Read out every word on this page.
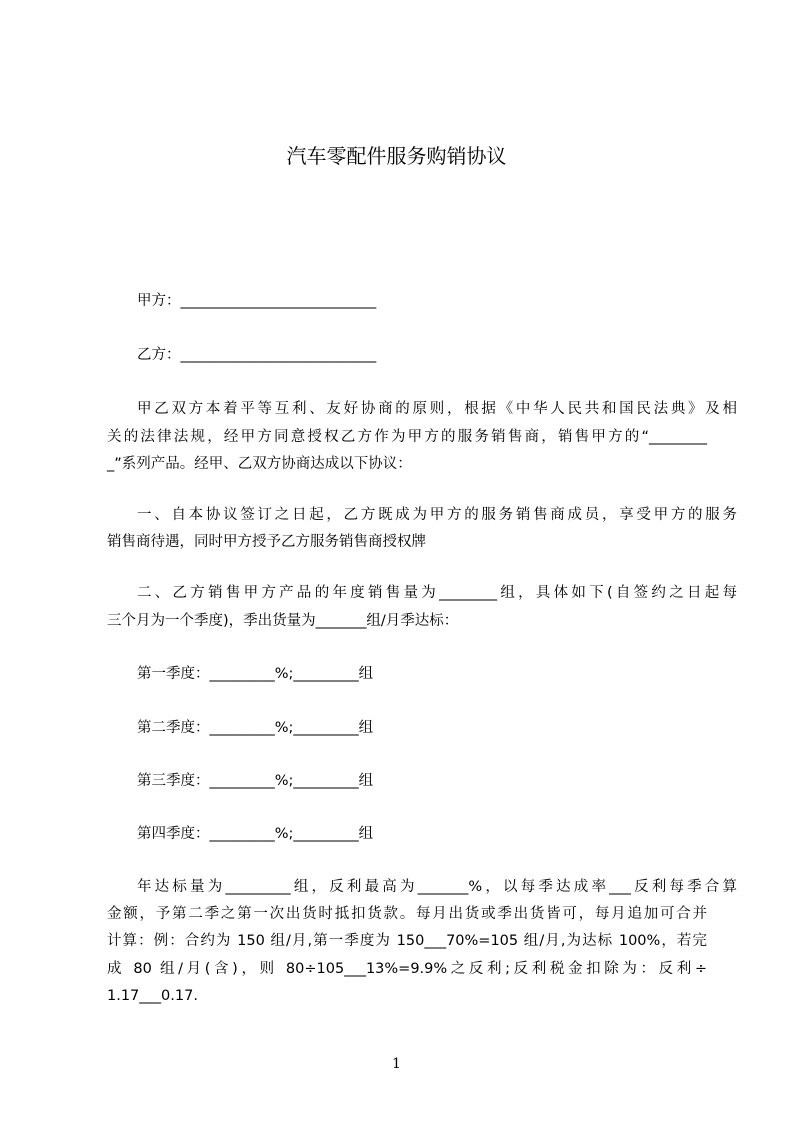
汽车零配件服务购销协议
甲方：___________________________
乙方：___________________________
甲乙双方本着平等互利、友好协商的原则，根据《中华人民共和国民法典》及相
关的法律法规，经甲方同意授权乙方作为甲方的服务销售商，销售甲方的“________
_”系列产品。经甲、乙双方协商达成以下协议：
一、自本协议签订之日起，乙方既成为甲方的服务销售商成员，享受甲方的服务
销售商待遇，同时甲方授予乙方服务销售商授权牌
二、乙方销售甲方产品的年度销售量为________组，具体如下(自签约之日起每
三个月为一个季度)，季出货量为_______组/月季达标：
第一季度：_________%;_________组
第二季度：_________%;_________组
第三季度：_________%;_________组
第四季度：_________%;_________组
年达标量为_________组，反利最高为_______%，以每季达成率___反利每季合算
金额，予第二季之第一次出货时抵扣货款。每月出货或季出货皆可，每月追加可合并
计算：例：合约为 150 组/月,第一季度为 150___70%=105 组/月,为达标 100%，若完
成 80 组/月(含)，则 80÷105___13%=9.9%之反利;反利税金扣除为：反利÷
1.17___0.17.
1
